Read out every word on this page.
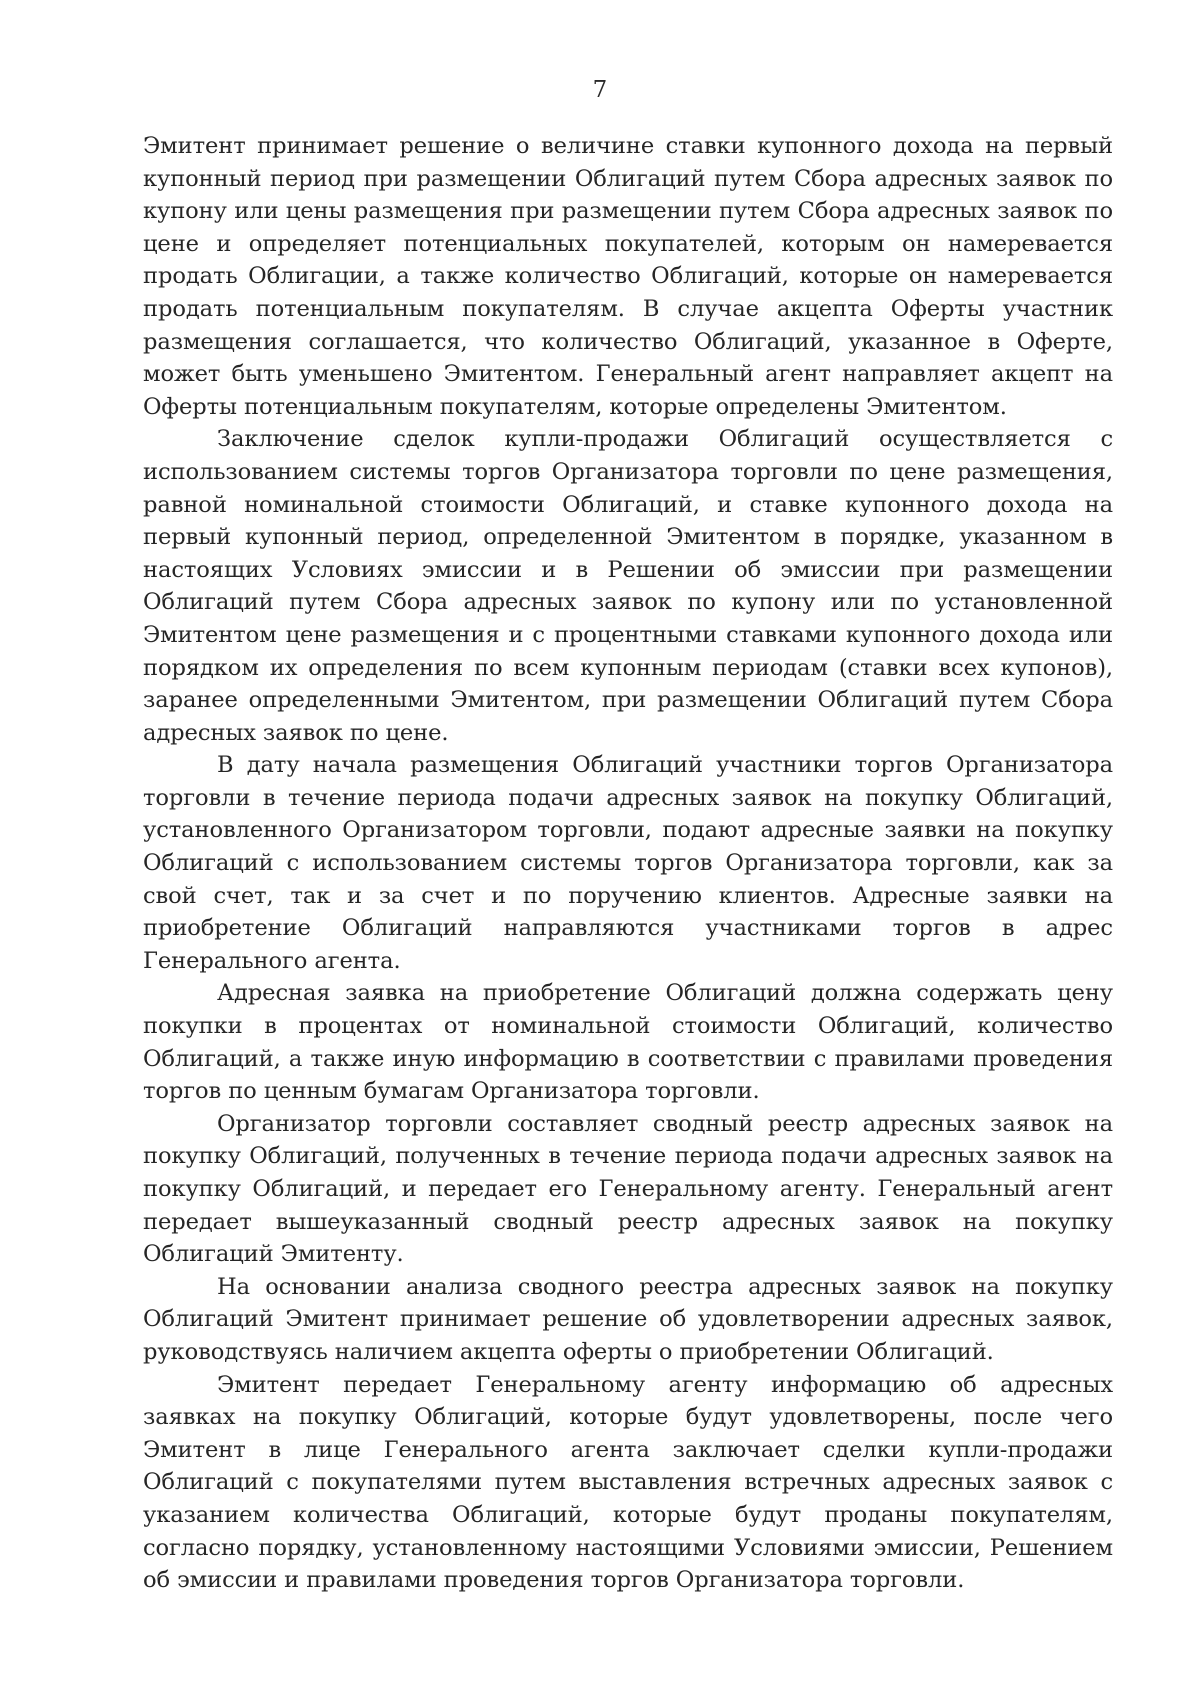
7

Эмитент принимает решение о величине ставки купонного дохода на первый купонный период при размещении Облигаций путем Сбора адресных заявок по купону или цены размещения при размещении путем Сбора адресных заявок по цене и определяет потенциальных покупателей, которым он намеревается продать Облигации, а также количество Облигаций, которые он намеревается продать потенциальным покупателям. В случае акцепта Оферты участник размещения соглашается, что количество Облигаций, указанное в Оферте, может быть уменьшено Эмитентом. Генеральный агент направляет акцепт на Оферты потенциальным покупателям, которые определены Эмитентом.

Заключение сделок купли-продажи Облигаций осуществляется с использованием системы торгов Организатора торговли по цене размещения, равной номинальной стоимости Облигаций, и ставке купонного дохода на первый купонный период, определенной Эмитентом в порядке, указанном в настоящих Условиях эмиссии и в Решении об эмиссии при размещении Облигаций путем Сбора адресных заявок по купону или по установленной Эмитентом цене размещения и с процентными ставками купонного дохода или порядком их определения по всем купонным периодам (ставки всех купонов), заранее определенными Эмитентом, при размещении Облигаций путем Сбора адресных заявок по цене.

В дату начала размещения Облигаций участники торгов Организатора торговли в течение периода подачи адресных заявок на покупку Облигаций, установленного Организатором торговли, подают адресные заявки на покупку Облигаций с использованием системы торгов Организатора торговли, как за свой счет, так и за счет и по поручению клиентов. Адресные заявки на приобретение Облигаций направляются участниками торгов в адрес Генерального агента.

Адресная заявка на приобретение Облигаций должна содержать цену покупки в процентах от номинальной стоимости Облигаций, количество Облигаций, а также иную информацию в соответствии с правилами проведения торгов по ценным бумагам Организатора торговли.

Организатор торговли составляет сводный реестр адресных заявок на покупку Облигаций, полученных в течение периода подачи адресных заявок на покупку Облигаций, и передает его Генеральному агенту. Генеральный агент передает вышеуказанный сводный реестр адресных заявок на покупку Облигаций Эмитенту.

На основании анализа сводного реестра адресных заявок на покупку Облигаций Эмитент принимает решение об удовлетворении адресных заявок, руководствуясь наличием акцепта оферты о приобретении Облигаций.

Эмитент передает Генеральному агенту информацию об адресных заявках на покупку Облигаций, которые будут удовлетворены, после чего Эмитент в лице Генерального агента заключает сделки купли-продажи Облигаций с покупателями путем выставления встречных адресных заявок с указанием количества Облигаций, которые будут проданы покупателям, согласно порядку, установленному настоящими Условиями эмиссии, Решением об эмиссии и правилами проведения торгов Организатора торговли.
